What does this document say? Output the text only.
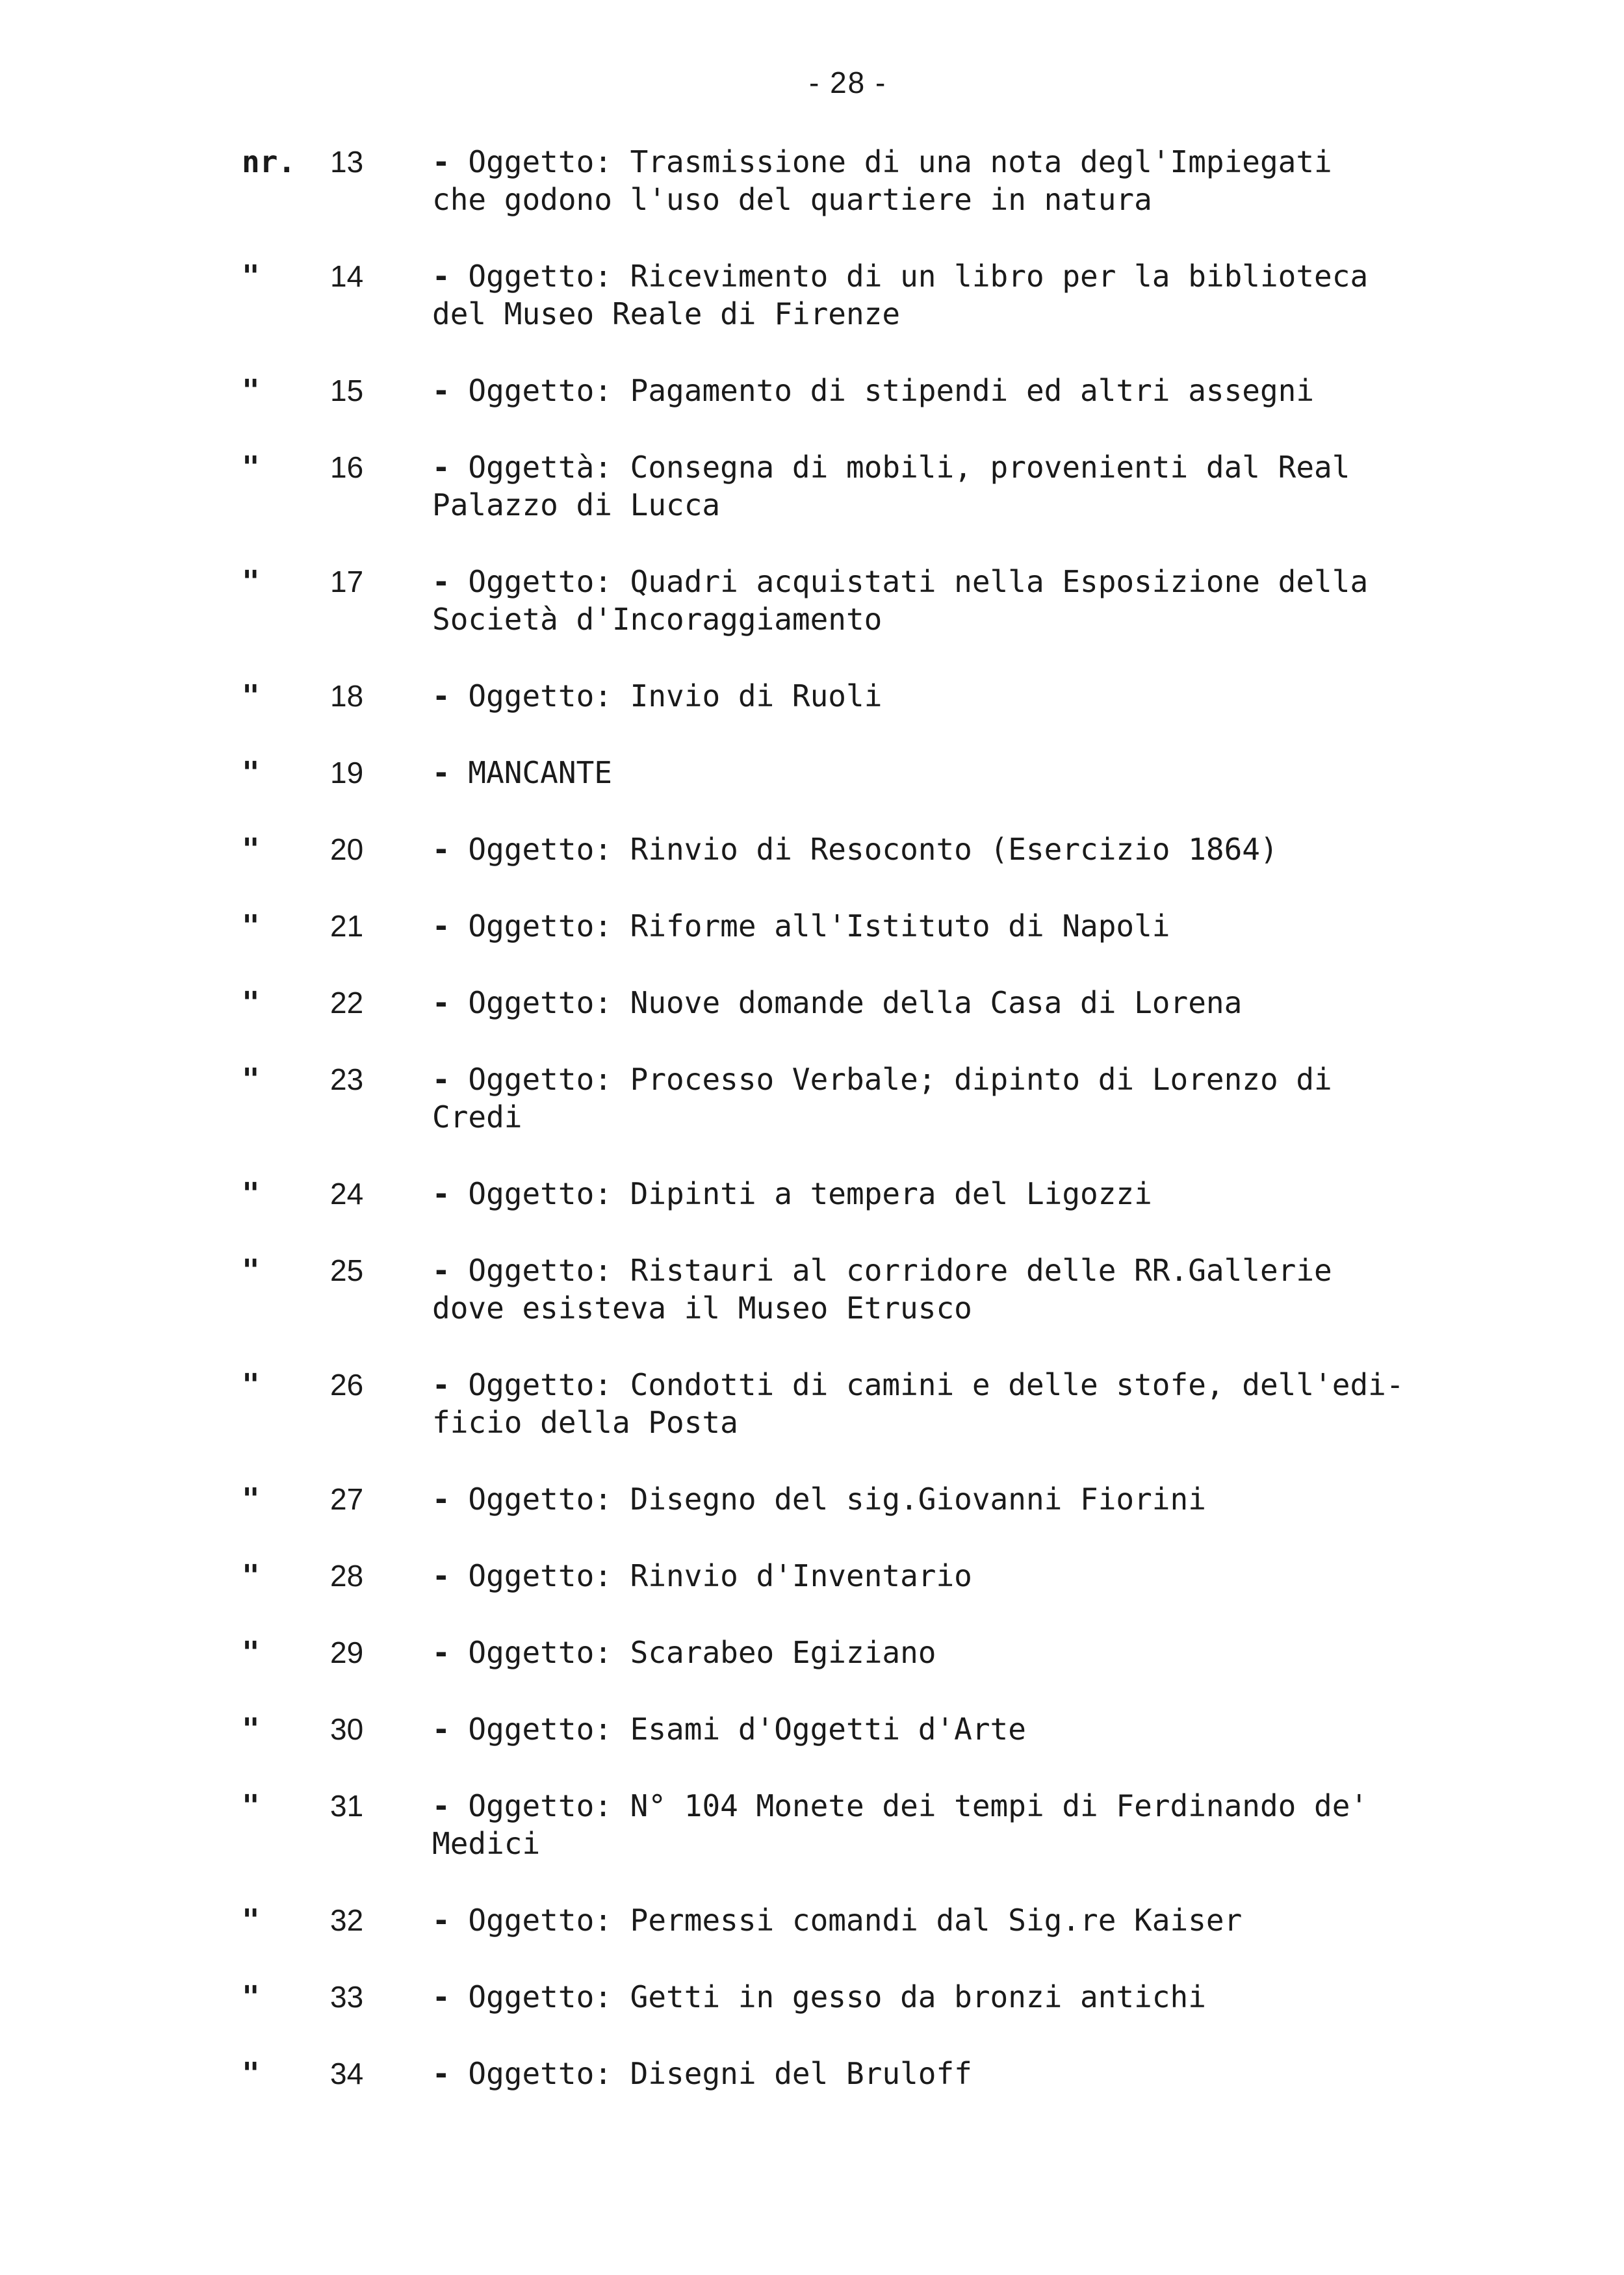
- 28 -
nr. 13	- Oggetto: Trasmissione di una nota degl'Impiegati
che godono l'uso del quartiere in natura
" 14	- Oggetto: Ricevimento di un libro per la biblioteca
del Museo Reale di Firenze
" 15	- Oggetto: Pagamento di stipendi ed altri assegni
" 16	- Oggettà: Consegna di mobili, provenienti dal Real
Palazzo di Lucca
" 17	- Oggetto: Quadri acquistati nella Esposizione della
Società d'Incoraggiamento
" 18	- Oggetto: Invio di Ruoli
" 19	- MANCANTE
" 20	- Oggetto: Rinvio di Resoconto (Esercizio 1864)
" 21	- Oggetto: Riforme all'Istituto di Napoli
" 22	- Oggetto: Nuove domande della Casa di Lorena
" 23	- Oggetto: Processo Verbale; dipinto di Lorenzo di
Credi
" 24	- Oggetto: Dipinti a tempera del Ligozzi
" 25	- Oggetto: Ristauri al corridore delle RR.Gallerie
dove esisteva il Museo Etrusco
" 26	- Oggetto: Condotti di camini e delle stofe, dell'edi-
ficio della Posta
" 27	- Oggetto: Disegno del sig.Giovanni Fiorini
" 28	- Oggetto: Rinvio d'Inventario
" 29	- Oggetto: Scarabeo Egiziano
" 30	- Oggetto: Esami d'Oggetti d'Arte
" 31	- Oggetto: N° 104 Monete dei tempi di Ferdinando de'
Medici
" 32	- Oggetto: Permessi comandi dal Sig.re Kaiser
" 33	- Oggetto: Getti in gesso da bronzi antichi
" 34	- Oggetto: Disegni del Bruloff
